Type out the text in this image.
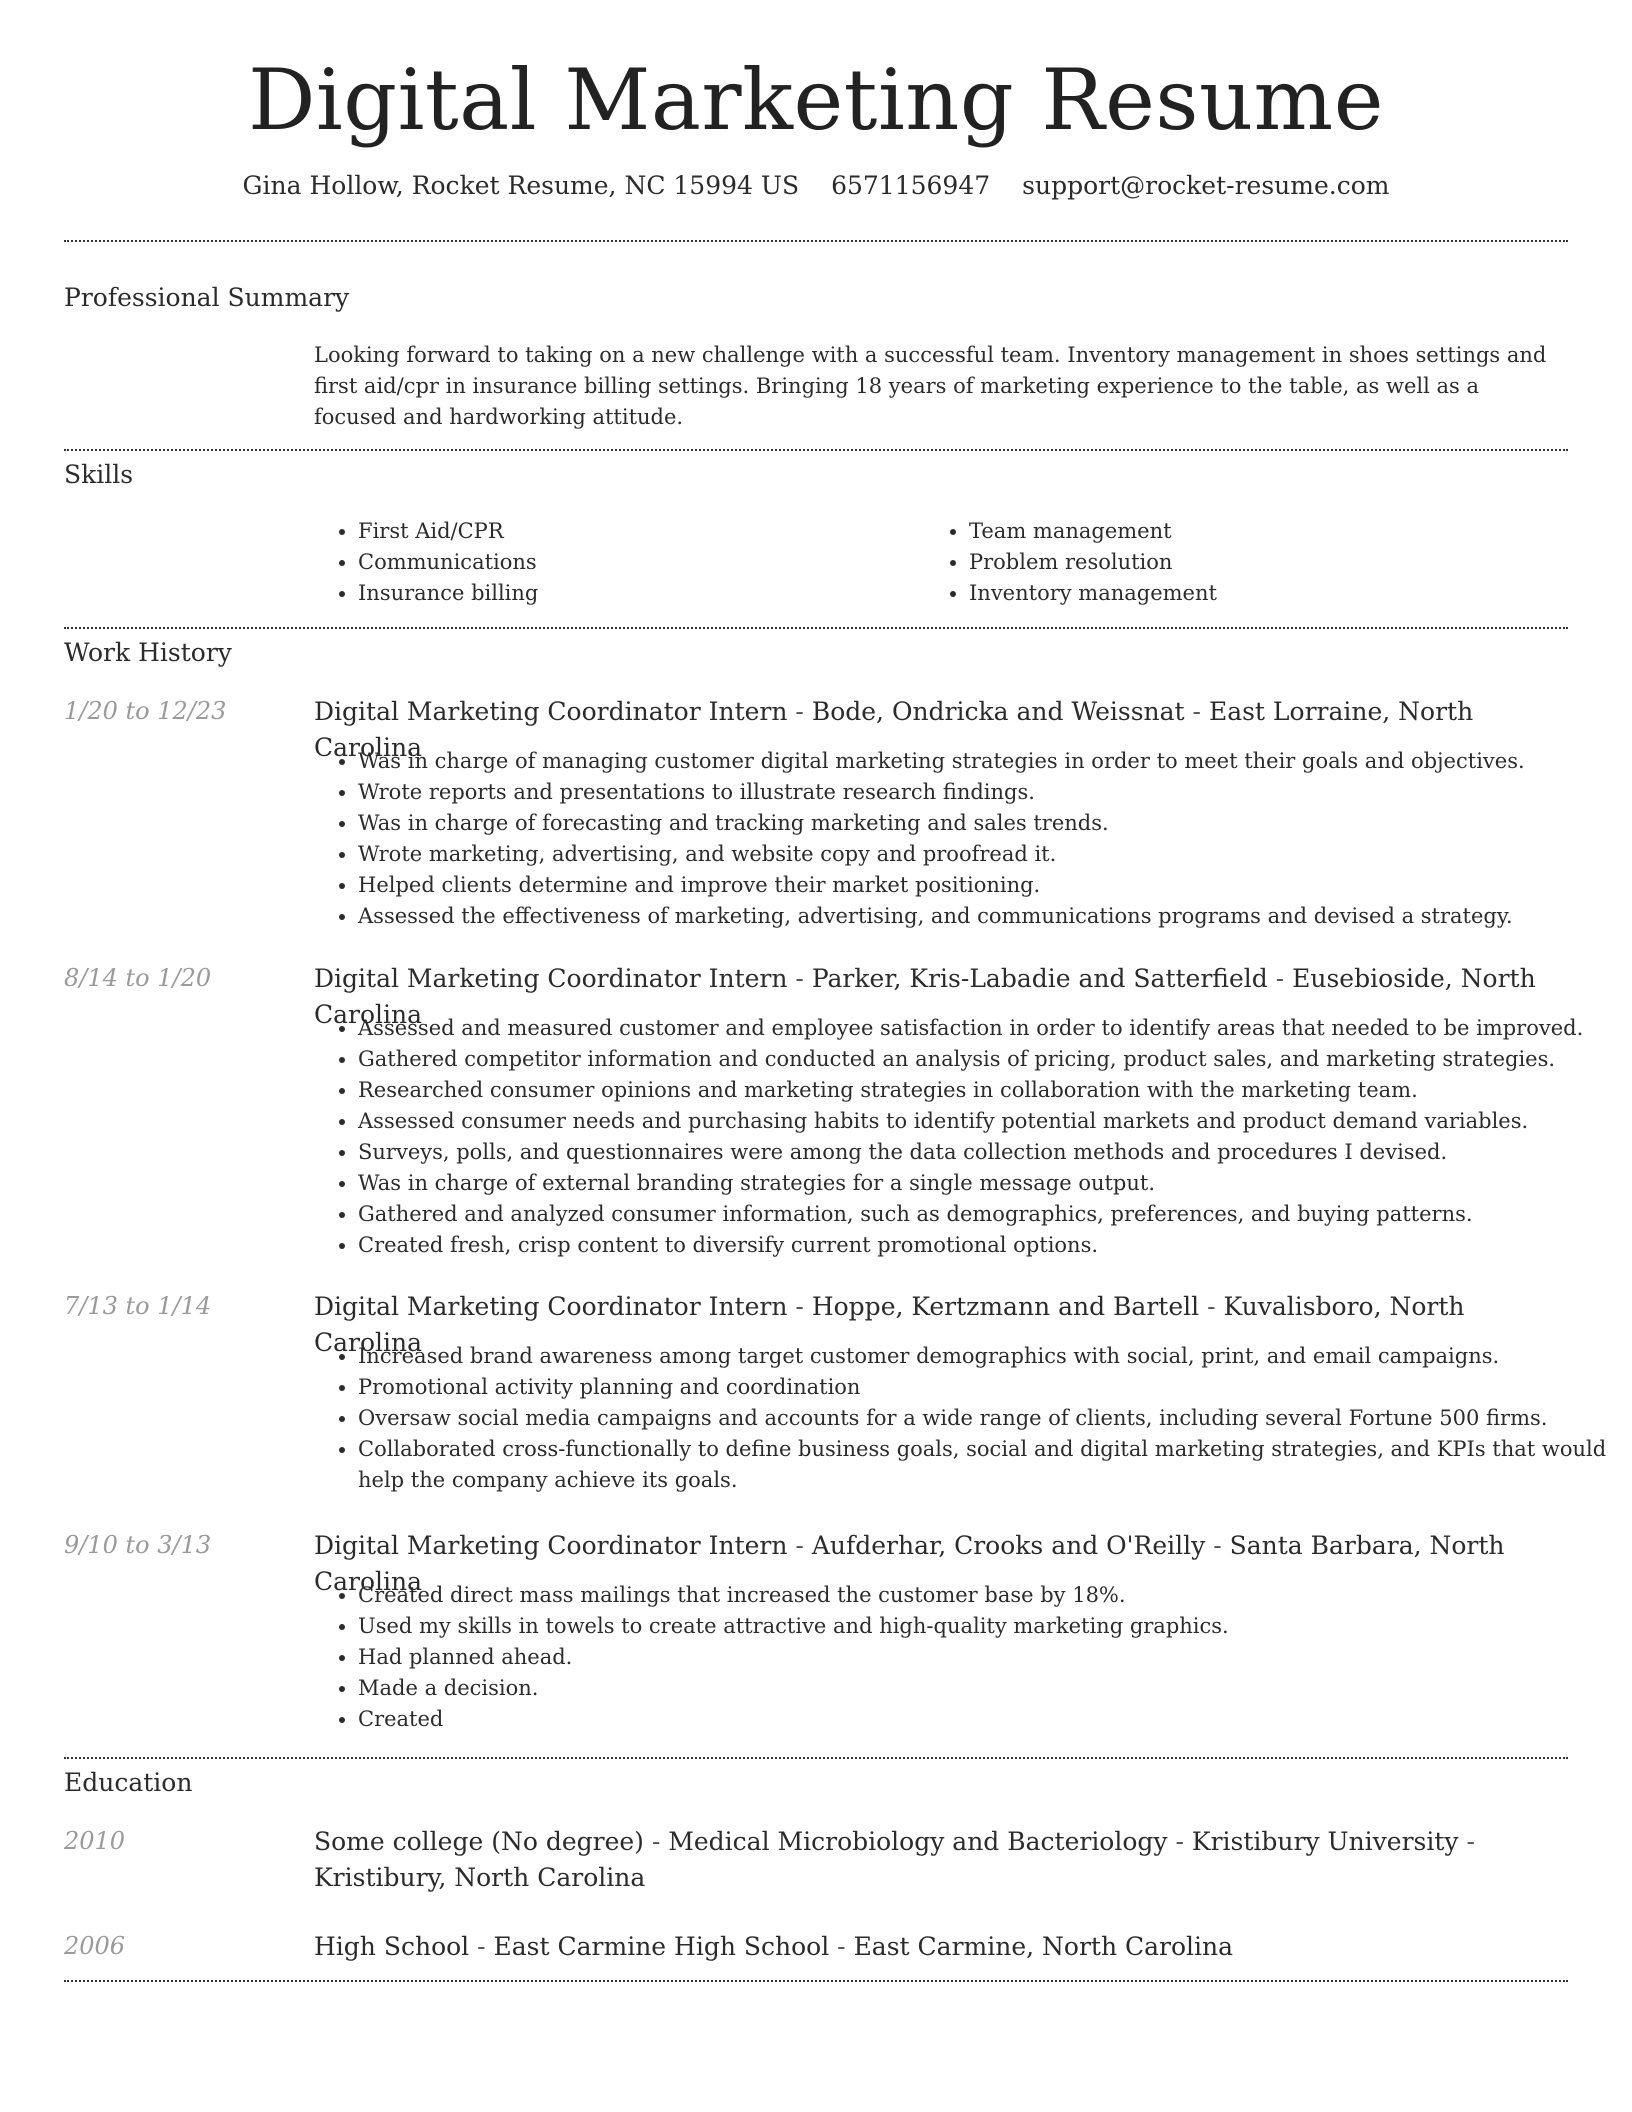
Digital Marketing Resume
Gina Hollow, Rocket Resume, NC 15994 US 6571156947 support@rocket-resume.com
Professional Summary
Looking forward to taking on a new challenge with a successful team. Inventory management in shoes settings and first aid/cpr in insurance billing settings. Bringing 18 years of marketing experience to the table, as well as a focused and hardworking attitude.
Skills
• First Aid/CPR
• Communications
• Insurance billing
• Team management
• Problem resolution
• Inventory management
Work History
1/20 to 12/23	Digital Marketing Coordinator Intern - Bode, Ondricka and Weissnat - East Lorraine, North Carolina
• Was in charge of managing customer digital marketing strategies in order to meet their goals and objectives.
• Wrote reports and presentations to illustrate research findings.
• Was in charge of forecasting and tracking marketing and sales trends.
• Wrote marketing, advertising, and website copy and proofread it.
• Helped clients determine and improve their market positioning.
• Assessed the effectiveness of marketing, advertising, and communications programs and devised a strategy.
8/14 to 1/20	Digital Marketing Coordinator Intern - Parker, Kris-Labadie and Satterfield - Eusebioside, North Carolina
• Assessed and measured customer and employee satisfaction in order to identify areas that needed to be improved.
• Gathered competitor information and conducted an analysis of pricing, product sales, and marketing strategies.
• Researched consumer opinions and marketing strategies in collaboration with the marketing team.
• Assessed consumer needs and purchasing habits to identify potential markets and product demand variables.
• Surveys, polls, and questionnaires were among the data collection methods and procedures I devised.
• Was in charge of external branding strategies for a single message output.
• Gathered and analyzed consumer information, such as demographics, preferences, and buying patterns.
• Created fresh, crisp content to diversify current promotional options.
7/13 to 1/14	Digital Marketing Coordinator Intern - Hoppe, Kertzmann and Bartell - Kuvalisboro, North Carolina
• Increased brand awareness among target customer demographics with social, print, and email campaigns.
• Promotional activity planning and coordination
• Oversaw social media campaigns and accounts for a wide range of clients, including several Fortune 500 firms.
• Collaborated cross-functionally to define business goals, social and digital marketing strategies, and KPIs that would help the company achieve its goals.
9/10 to 3/13	Digital Marketing Coordinator Intern - Aufderhar, Crooks and O'Reilly - Santa Barbara, North Carolina
• Created direct mass mailings that increased the customer base by 18%.
• Used my skills in towels to create attractive and high-quality marketing graphics.
• Had planned ahead.
• Made a decision.
• Created
Education
2010	Some college (No degree) - Medical Microbiology and Bacteriology - Kristibury University - Kristibury, North Carolina
2006	High School - East Carmine High School - East Carmine, North Carolina
